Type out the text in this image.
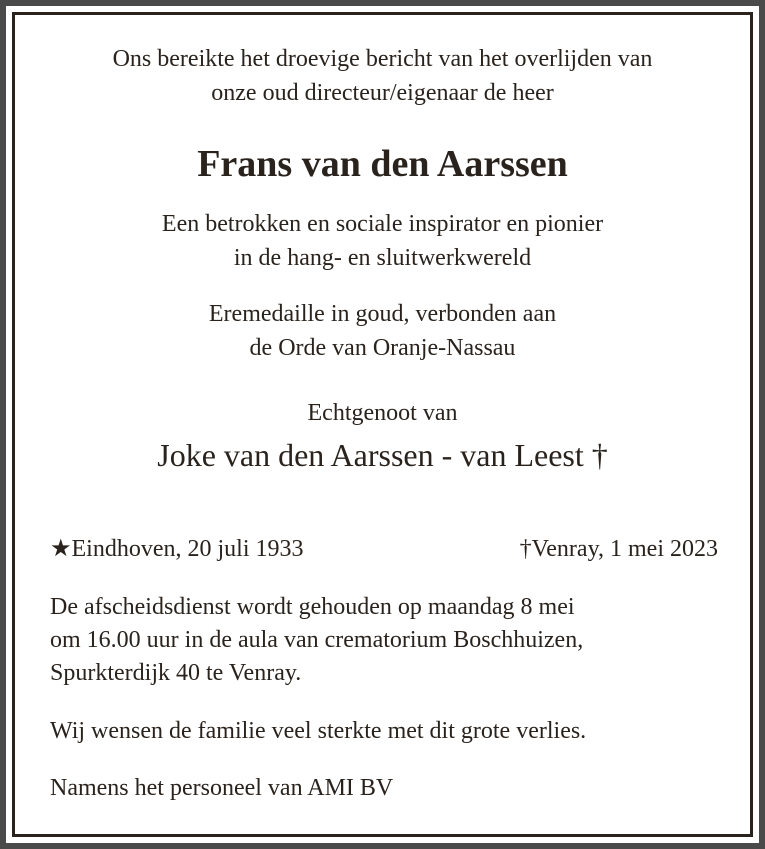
Ons bereikte het droevige bericht van het overlijden van

onze oud directeur/eigenaar de heer

Frans van den Aarssen

Een betrokken en sociale inspirator en pionier

in de hang- en sluitwerkwereld

Eremedaille in goud, verbonden aan

de Orde van Oranje-Nassau

Echtgenoot van

Joke van den Aarssen - van Leest †

★Eindhoven, 20 juli 1933	†Venray, 1 mei 2023

De afscheidsdienst wordt gehouden op maandag 8 mei

om 16.00 uur in de aula van crematorium Boschhuizen,

Spurkterdijk 40 te Venray.

Wij wensen de familie veel sterkte met dit grote verlies.

Namens het personeel van AMI BV
